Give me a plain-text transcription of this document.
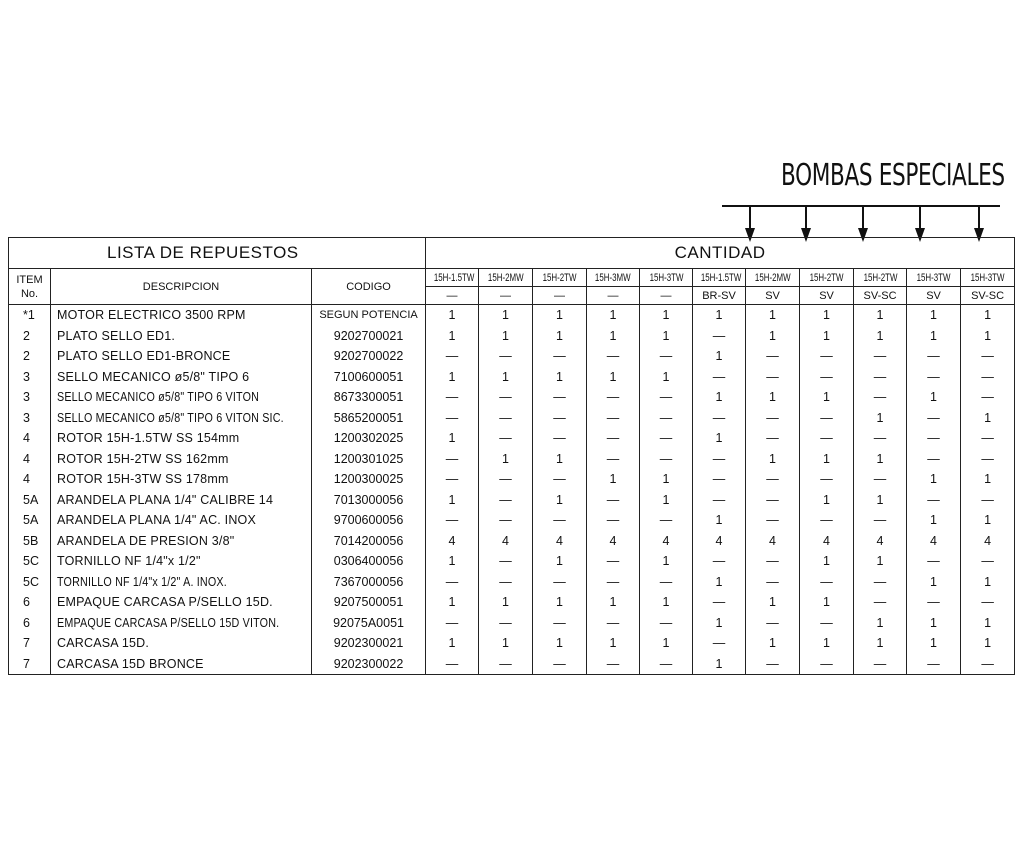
BOMBAS ESPECIALES
LISTA DE REPUESTOS			CANTIDAD										
ITEM
No.	DESCRIPCION	CODIGO	15H-1.5TW	15H-2MW	15H-2TW	15H-3MW	15H-3TW	15H-1.5TW	15H-2MW	15H-2TW	15H-2TW	15H-3TW	15H-3TW
			—	—	—	—	—	BR-SV	SV	SV	SV-SC	SV	SV-SC
*1	MOTOR ELECTRICO 3500 RPM	SEGUN POTENCIA	1	1	1	1	1	1	1	1	1	1	1
2	PLATO SELLO ED1.	9202700021	1	1	1	1	1	—	1	1	1	1	1
2	PLATO SELLO ED1-BRONCE	9202700022	—	—	—	—	—	1	—	—	—	—	—
3	SELLO MECANICO ø5/8" TIPO 6	7100600051	1	1	1	1	1	—	—	—	—	—	—
3	SELLO MECANICO ø5/8" TIPO 6 VITON	8673300051	—	—	—	—	—	1	1	1	—	1	—
3	SELLO MECANICO ø5/8" TIPO 6 VITON SIC.	5865200051	—	—	—	—	—	—	—	—	1	—	1
4	ROTOR 15H-1.5TW SS 154mm	1200302025	1	—	—	—	—	1	—	—	—	—	—
4	ROTOR 15H-2TW SS 162mm	1200301025	—	1	1	—	—	—	1	1	1	—	—
4	ROTOR 15H-3TW SS 178mm	1200300025	—	—	—	1	1	—	—	—	—	1	1
5A	ARANDELA PLANA 1/4" CALIBRE 14	7013000056	1	—	1	—	1	—	—	1	1	—	—
5A	ARANDELA PLANA 1/4" AC. INOX	9700600056	—	—	—	—	—	1	—	—	—	1	1
5B	ARANDELA DE PRESION 3/8"	7014200056	4	4	4	4	4	4	4	4	4	4	4
5C	TORNILLO NF 1/4"x 1/2"	0306400056	1	—	1	—	1	—	—	1	1	—	—
5C	TORNILLO NF 1/4"x 1/2" A. INOX.	7367000056	—	—	—	—	—	1	—	—	—	1	1
6	EMPAQUE CARCASA P/SELLO 15D.	9207500051	1	1	1	1	1	—	1	1	—	—	—
6	EMPAQUE CARCASA P/SELLO 15D VITON.	92075A0051	—	—	—	—	—	1	—	—	1	1	1
7	CARCASA 15D.	9202300021	1	1	1	1	1	—	1	1	1	1	1
7	CARCASA 15D BRONCE	9202300022	—	—	—	—	—	1	—	—	—	—	—
